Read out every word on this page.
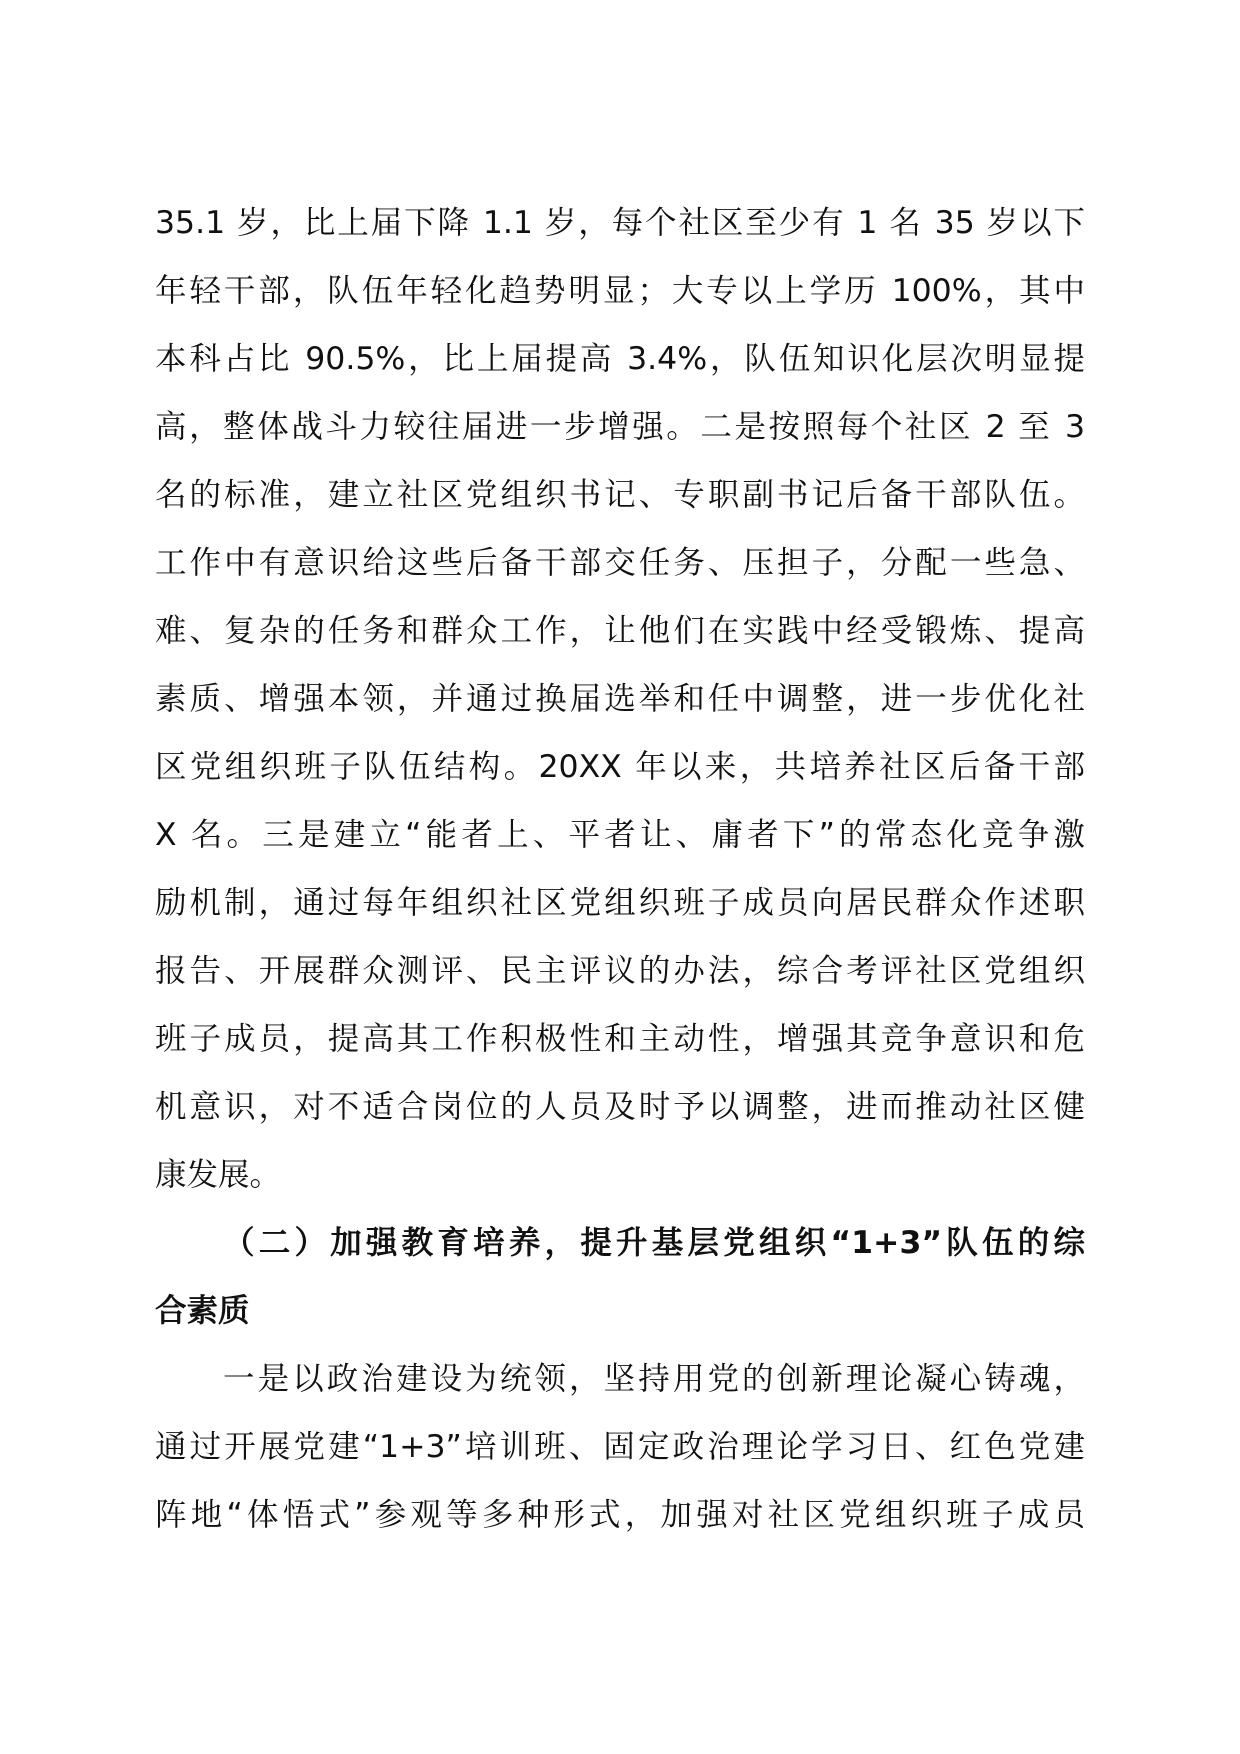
35.1 岁，比上届下降 1.1 岁，每个社区至少有 1 名 35 岁以下
年轻干部，队伍年轻化趋势明显；大专以上学历 100%，其中
本科占比 90.5%，比上届提高 3.4%，队伍知识化层次明显提
高，整体战斗力较往届进一步增强。二是按照每个社区 2 至 3
名的标准，建立社区党组织书记、专职副书记后备干部队伍。
工作中有意识给这些后备干部交任务、压担子，分配一些急、
难、复杂的任务和群众工作，让他们在实践中经受锻炼、提高
素质、增强本领，并通过换届选举和任中调整，进一步优化社
区党组织班子队伍结构。20XX 年以来，共培养社区后备干部
X 名。三是建立“能者上、平者让、庸者下”的常态化竞争激
励机制，通过每年组织社区党组织班子成员向居民群众作述职
报告、开展群众测评、民主评议的办法，综合考评社区党组织
班子成员，提高其工作积极性和主动性，增强其竞争意识和危
机意识，对不适合岗位的人员及时予以调整，进而推动社区健
康发展。
（二）加强教育培养，提升基层党组织“1+3”队伍的综
合素质
一是以政治建设为统领，坚持用党的创新理论凝心铸魂，
通过开展党建“1+3”培训班、固定政治理论学习日、红色党建
阵地“体悟式”参观等多种形式，加强对社区党组织班子成员
